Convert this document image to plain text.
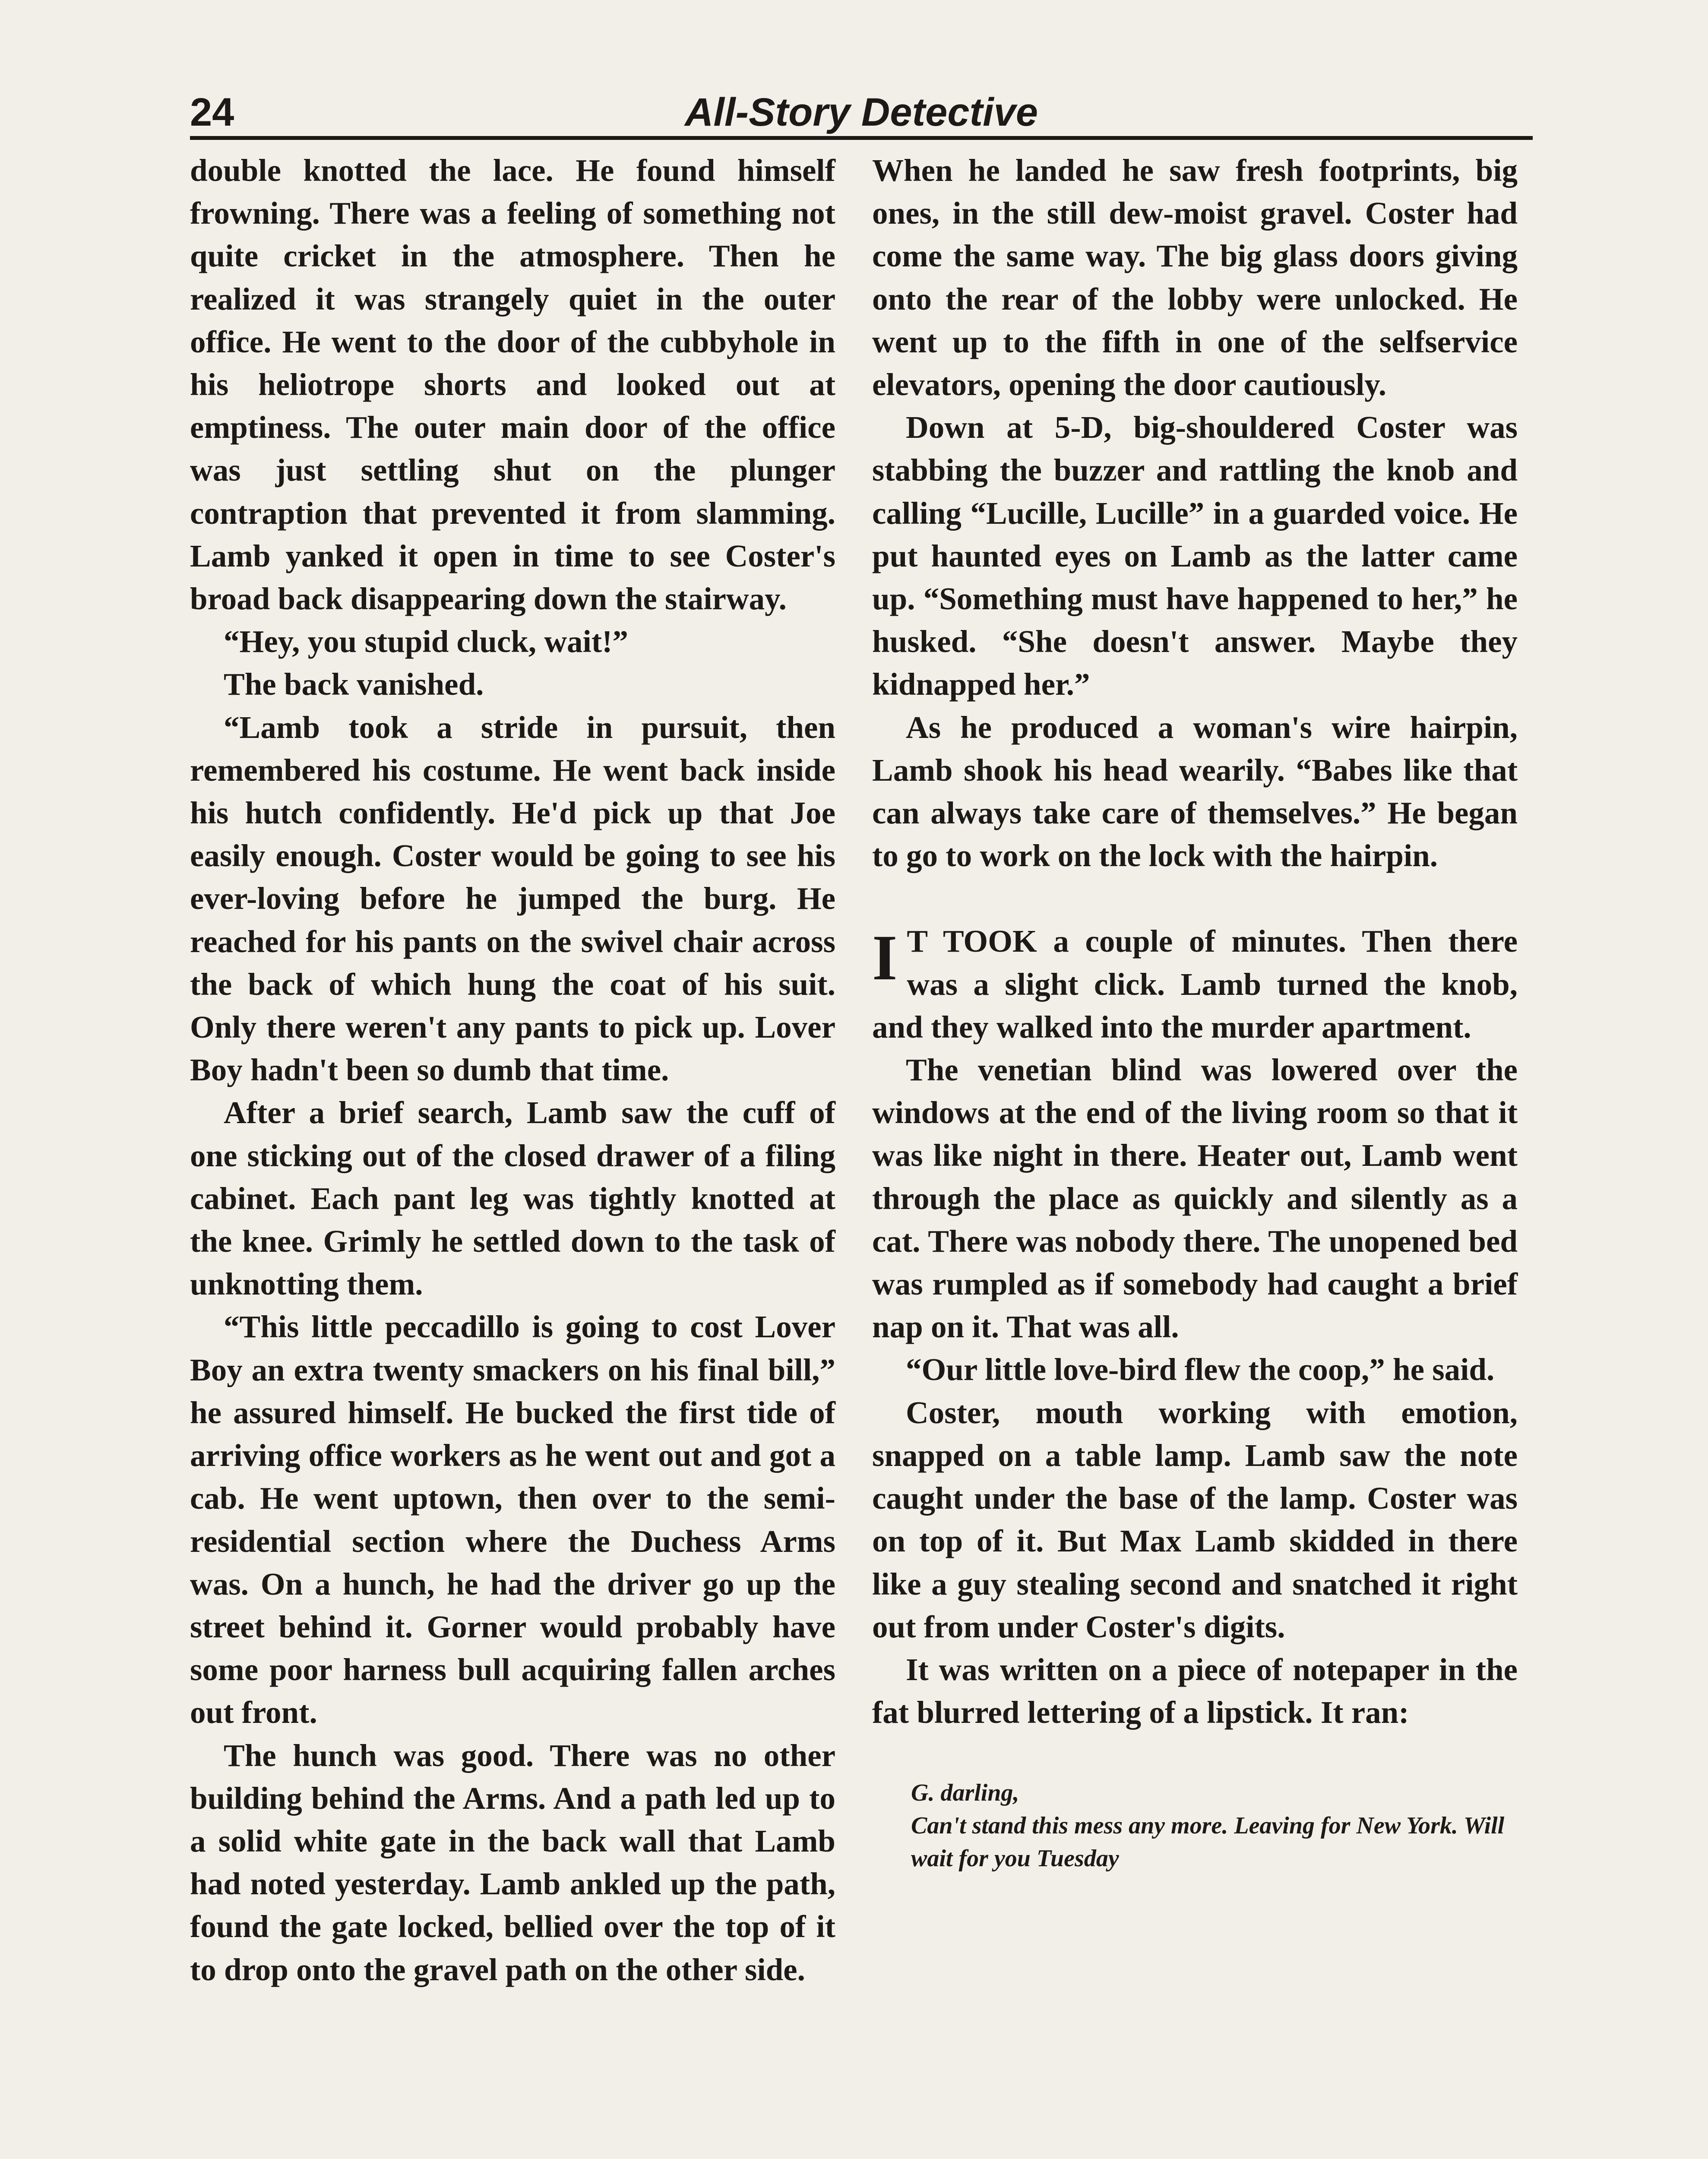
24	All-Story Detective

double knotted the lace. He found himself frowning. There was a feeling of something not quite cricket in the atmosphere. Then he realized it was strangely quiet in the outer office. He went to the door of the cubbyhole in his heliotrope shorts and looked out at emptiness. The outer main door of the office was just settling shut on the plunger contraption that prevented it from slamming. Lamb yanked it open in time to see Coster's broad back disappearing down the stairway.

“Hey, you stupid cluck, wait!”

The back vanished.

“Lamb took a stride in pursuit, then remembered his costume. He went back inside his hutch confidently. He'd pick up that Joe easily enough. Coster would be going to see his ever-loving before he jumped the burg. He reached for his pants on the swivel chair across the back of which hung the coat of his suit. Only there weren't any pants to pick up. Lover Boy hadn't been so dumb that time.

After a brief search, Lamb saw the cuff of one sticking out of the closed drawer of a filing cabinet. Each pant leg was tightly knotted at the knee. Grimly he settled down to the task of unknotting them.

“This little peccadillo is going to cost Lover Boy an extra twenty smackers on his final bill,” he assured himself. He bucked the first tide of arriving office workers as he went out and got a cab. He went uptown, then over to the semi-residential section where the Duchess Arms was. On a hunch, he had the driver go up the street behind it. Gorner would probably have some poor harness bull acquiring fallen arches out front.

The hunch was good. There was no other building behind the Arms. And a path led up to a solid white gate in the back wall that Lamb had noted yesterday. Lamb ankled up the path, found the gate locked, bellied over the top of it to drop onto the gravel path on the other side.

When he landed he saw fresh footprints, big ones, in the still dew-moist gravel. Coster had come the same way. The big glass doors giving onto the rear of the lobby were unlocked. He went up to the fifth in one of the selfservice elevators, opening the door cautiously.

Down at 5-D, big-shouldered Coster was stabbing the buzzer and rattling the knob and calling “Lucille, Lucille” in a guarded voice. He put haunted eyes on Lamb as the latter came up. “Something must have happened to her,” he husked. “She doesn't answer. Maybe they kidnapped her.”

As he produced a woman's wire hairpin, Lamb shook his head wearily. “Babes like that can always take care of themselves.” He began to go to work on the lock with the hairpin.

I T TOOK a couple of minutes. Then there was a slight click. Lamb turned the knob, and they walked into the murder apartment.

The venetian blind was lowered over the windows at the end of the living room so that it was like night in there. Heater out, Lamb went through the place as quickly and silently as a cat. There was nobody there. The unopened bed was rumpled as if somebody had caught a brief nap on it. That was all.

“Our little love-bird flew the coop,” he said.

Coster, mouth working with emotion, snapped on a table lamp. Lamb saw the note caught under the base of the lamp. Coster was on top of it. But Max Lamb skidded in there like a guy stealing second and snatched it right out from under Coster's digits.

It was written on a piece of notepaper in the fat blurred lettering of a lipstick. It ran:

G. darling,
Can't stand this mess any more. Leaving for New York. Will wait for you Tuesday
